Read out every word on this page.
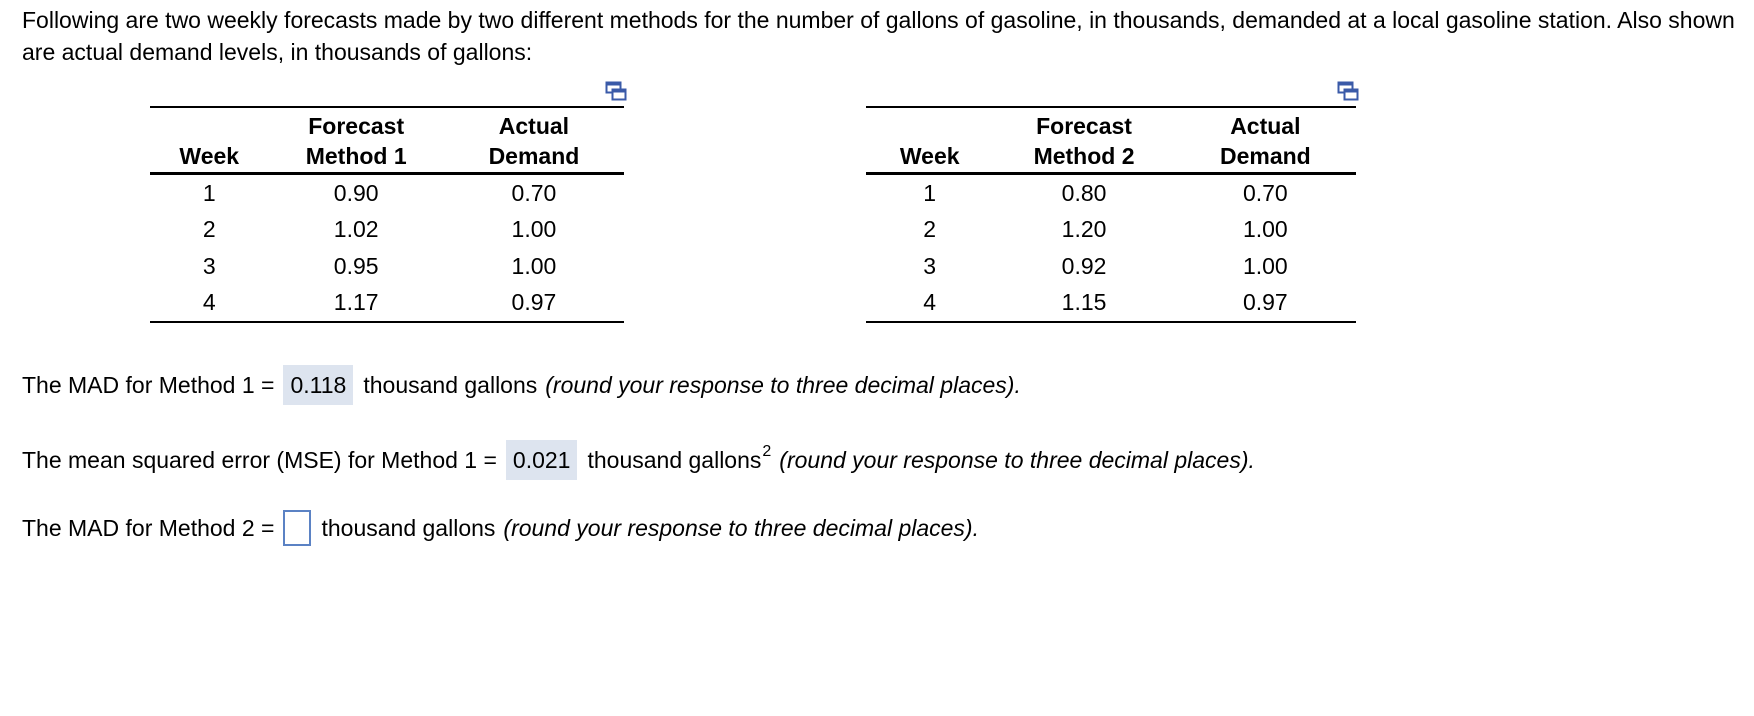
Following are two weekly forecasts made by two different methods for the number of gallons of gasoline, in thousands, demanded at a local gasoline station. Also shown are actual demand levels, in thousands of gallons:

	Forecast	Actual
Week	Method 1	Demand
1	0.90	0.70
2	1.02	1.00
3	0.95	1.00
4	1.17	0.97
	Forecast	Actual
Week	Method 2	Demand
1	0.80	0.70
2	1.20	1.00
3	0.92	1.00
4	1.15	0.97
The MAD for Method 1 = 0.118 thousand gallons (round your response to three decimal places).
The mean squared error (MSE) for Method 1 = 0.021 thousand gallons 2 (round your response to three decimal places).
The MAD for Method 2 = thousand gallons (round your response to three decimal places).
